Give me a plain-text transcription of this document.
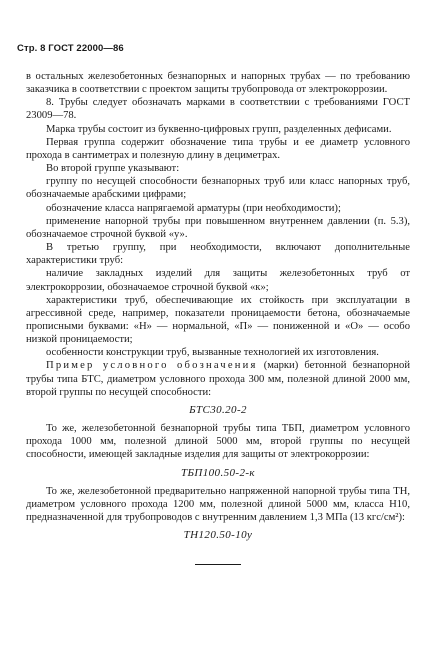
Стр. 8 ГОСТ 22000—86

в остальных железобетонных безнапорных и напорных трубах — по требованию заказчика в соответствии с проектом защиты трубопровода от электрокоррозии.

8. Трубы следует обозначать марками в соответствии с требованиями ГОСТ 23009—78.

Марка трубы состоит из буквенно-цифровых групп, разделенных дефисами.

Первая группа содержит обозначение типа трубы и ее диаметр условного прохода в сантиметрах и полезную длину в дециметрах.

Во второй группе указывают:

группу по несущей способности безнапорных труб или класс напорных труб, обозначаемые арабскими цифрами;

обозначение класса напрягаемой арматуры (при необходимости);

применение напорной трубы при повышенном внутреннем давлении (п. 5.3), обозначаемое строчной буквой «у».

В третью группу, при необходимости, включают дополнительные характеристики труб:

наличие закладных изделий для защиты железобетонных труб от электрокоррозии, обозначаемое строчной буквой «к»;

характеристики труб, обеспечивающие их стойкость при эксплуатации в агрессивной среде, например, показатели проницаемости бетона, обозначаемые прописными буквами: «Н» — нормальной, «П» — пониженной и «О» — особо низкой проницаемости;

особенности конструкции труб, вызванные технологией их изготовления.

Пример условного обозначения (марки) бетонной безнапорной трубы типа БТС, диаметром условного прохода 300 мм, полезной длиной 2000 мм, второй группы по несущей способности:

БТС30.20-2

То же, железобетонной безнапорной трубы типа ТБП, диаметром условного прохода 1000 мм, полезной длиной 5000 мм, второй группы по несущей способности, имеющей закладные изделия для защиты от электрокоррозии:

ТБП100.50-2-к

То же, железобетонной предварительно напряженной напорной трубы типа ТН, диаметром условного прохода 1200 мм, полезной длиной 5000 мм, класса Н10, предназначенной для трубопроводов с внутренним давлением 1,3 МПа (13 кгс/см²):

ТН120.50-10у
